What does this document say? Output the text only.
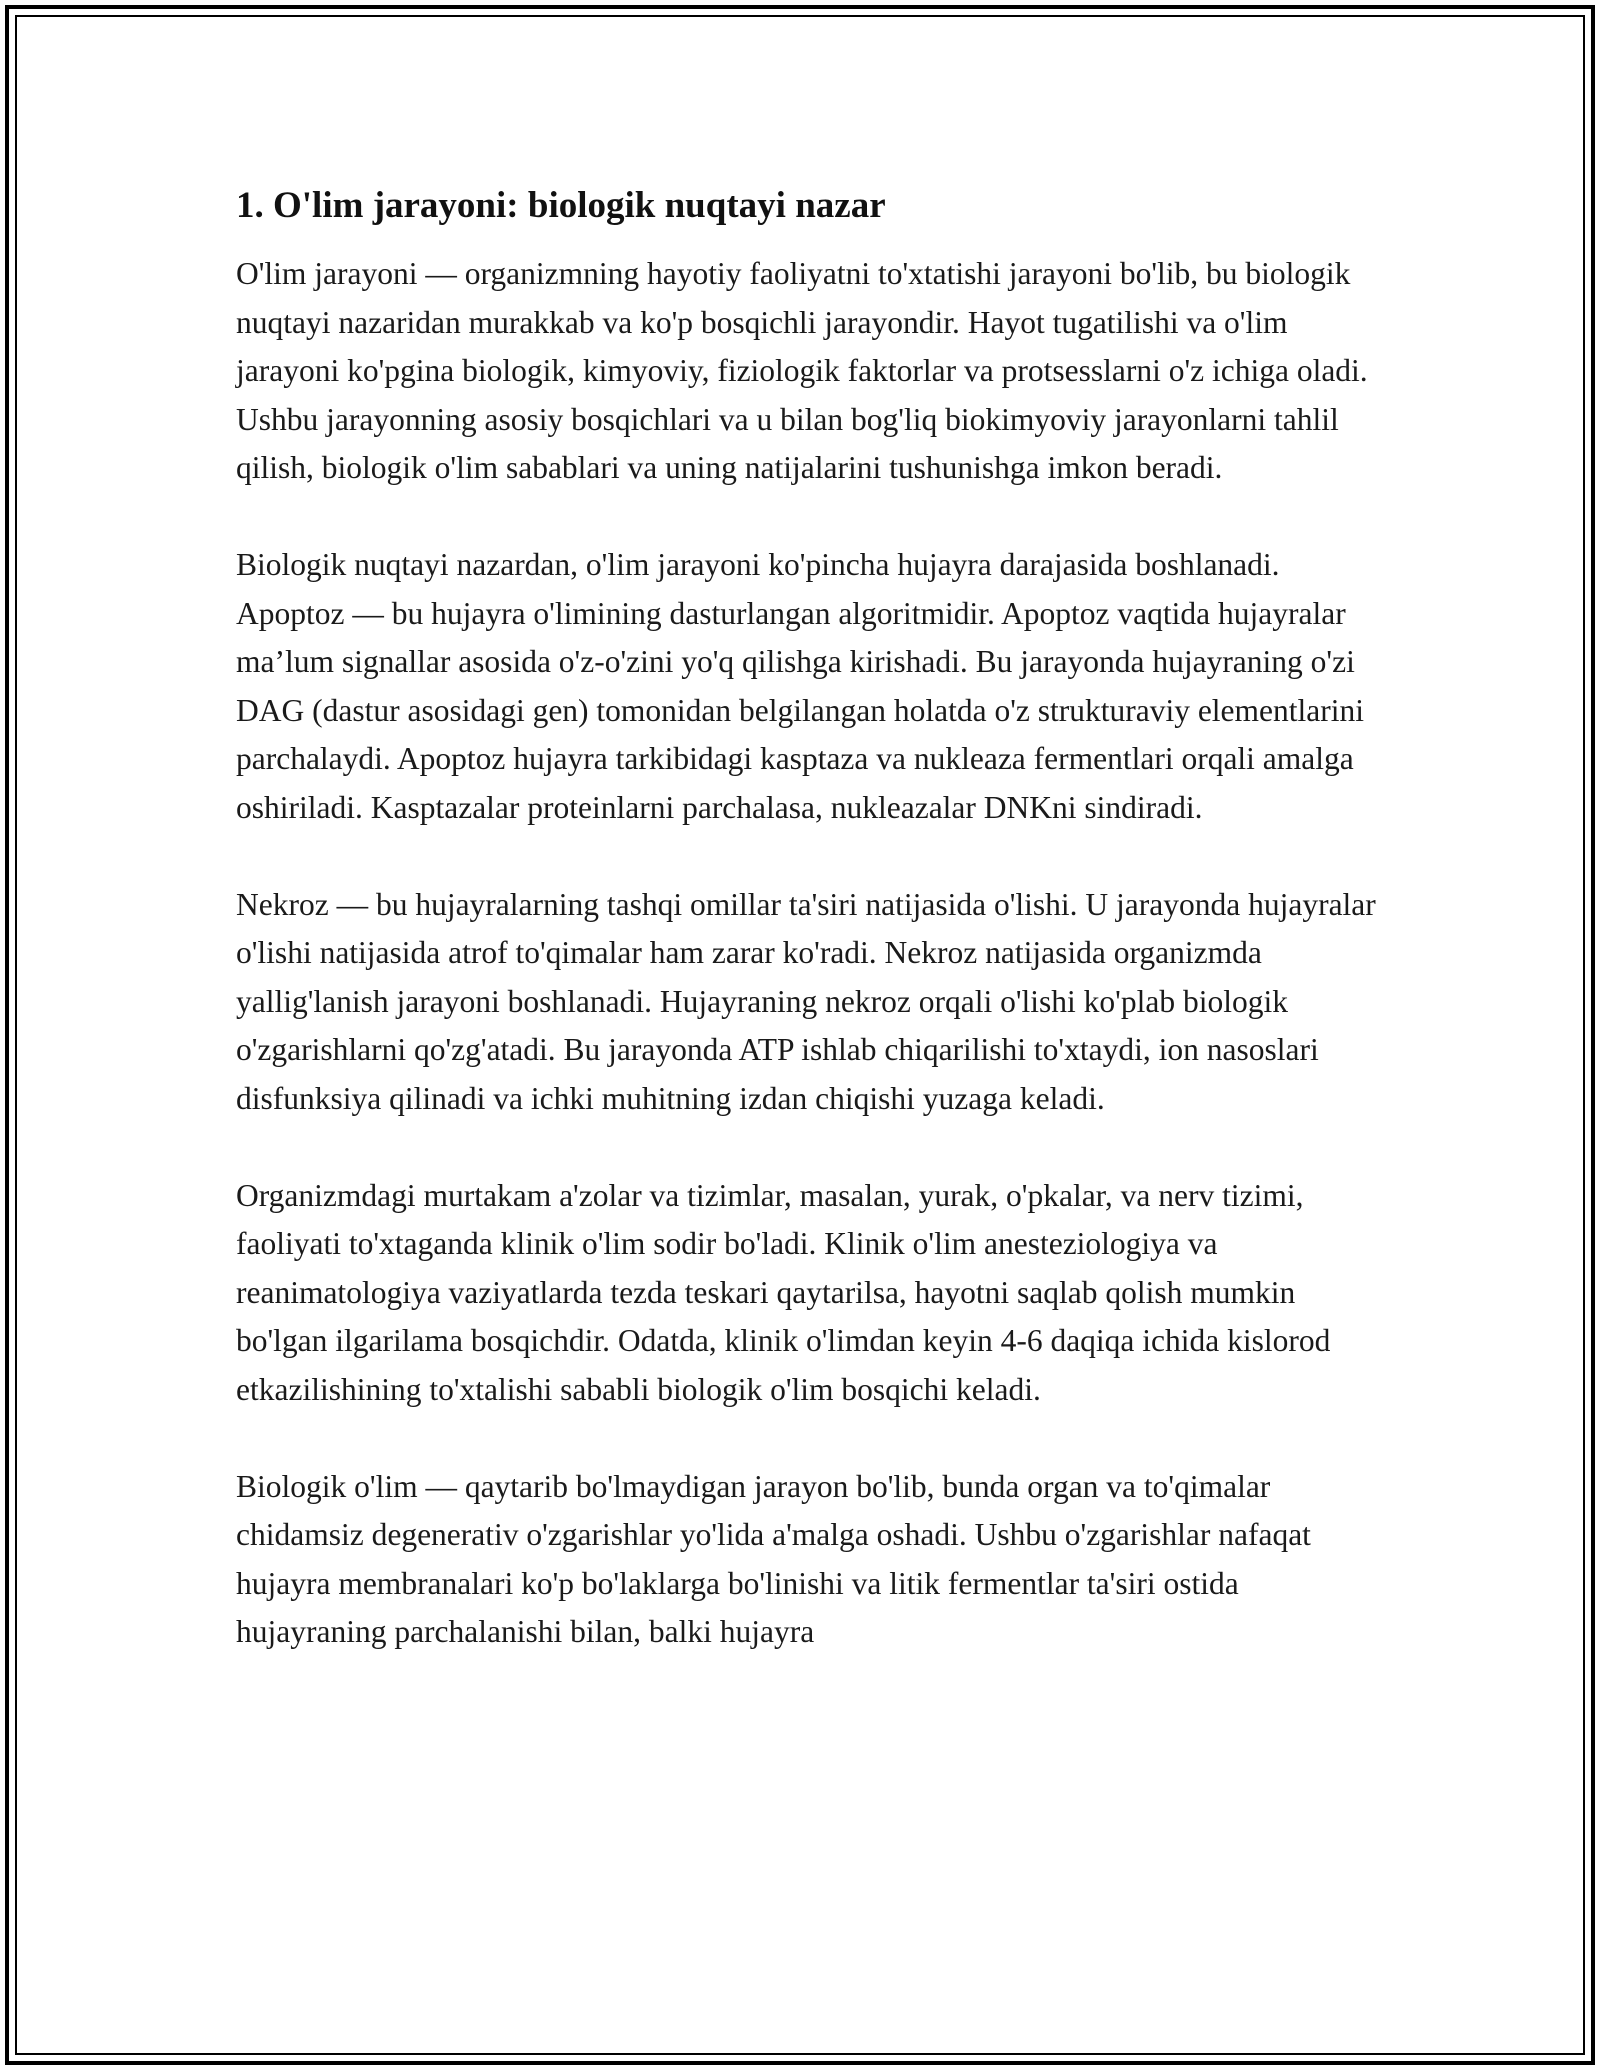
1. O'lim jarayoni: biologik nuqtayi nazar

O'lim jarayoni — organizmning hayotiy faoliyatni to'xtatishi jarayoni bo'lib, bu biologik nuqtayi nazaridan murakkab va ko'p bosqichli jarayondir. Hayot tugatilishi va o'lim jarayoni ko'pgina biologik, kimyoviy, fiziologik faktorlar va protsesslarni o'z ichiga oladi. Ushbu jarayonning asosiy bosqichlari va u bilan bog'liq biokimyoviy jarayonlarni tahlil qilish, biologik o'lim sabablari va uning natijalarini tushunishga imkon beradi.

Biologik nuqtayi nazardan, o'lim jarayoni ko'pincha hujayra darajasida boshlanadi. Apoptoz — bu hujayra o'limining dasturlangan algoritmidir. Apoptoz vaqtida hujayralar ma’lum signallar asosida o'z-o'zini yo'q qilishga kirishadi. Bu jarayonda hujayraning o'zi DAG (dastur asosidagi gen) tomonidan belgilangan holatda o'z strukturaviy elementlarini parchalaydi. Apoptoz hujayra tarkibidagi kasptaza va nukleaza fermentlari orqali amalga oshiriladi. Kasptazalar proteinlarni parchalasa, nukleazalar DNKni sindiradi.

Nekroz — bu hujayralarning tashqi omillar ta'siri natijasida o'lishi. U jarayonda hujayralar o'lishi natijasida atrof to'qimalar ham zarar ko'radi. Nekroz natijasida organizmda yallig'lanish jarayoni boshlanadi. Hujayraning nekroz orqali o'lishi ko'plab biologik o'zgarishlarni qo'zg'atadi. Bu jarayonda ATP ishlab chiqarilishi to'xtaydi, ion nasoslari disfunksiya qilinadi va ichki muhitning izdan chiqishi yuzaga keladi.

Organizmdagi murtakam a'zolar va tizimlar, masalan, yurak, o'pkalar, va nerv tizimi, faoliyati to'xtaganda klinik o'lim sodir bo'ladi. Klinik o'lim anesteziologiya va reanimatologiya vaziyatlarda tezda teskari qaytarilsa, hayotni saqlab qolish mumkin bo'lgan ilgarilama bosqichdir. Odatda, klinik o'limdan keyin 4-6 daqiqa ichida kislorod etkazilishining to'xtalishi sababli biologik o'lim bosqichi keladi.

Biologik o'lim — qaytarib bo'lmaydigan jarayon bo'lib, bunda organ va to'qimalar chidamsiz degenerativ o'zgarishlar yo'lida a'malga oshadi. Ushbu o'zgarishlar nafaqat hujayra membranalari ko'p bo'laklarga bo'linishi va litik fermentlar ta'siri ostida hujayraning parchalanishi bilan, balki hujayra
